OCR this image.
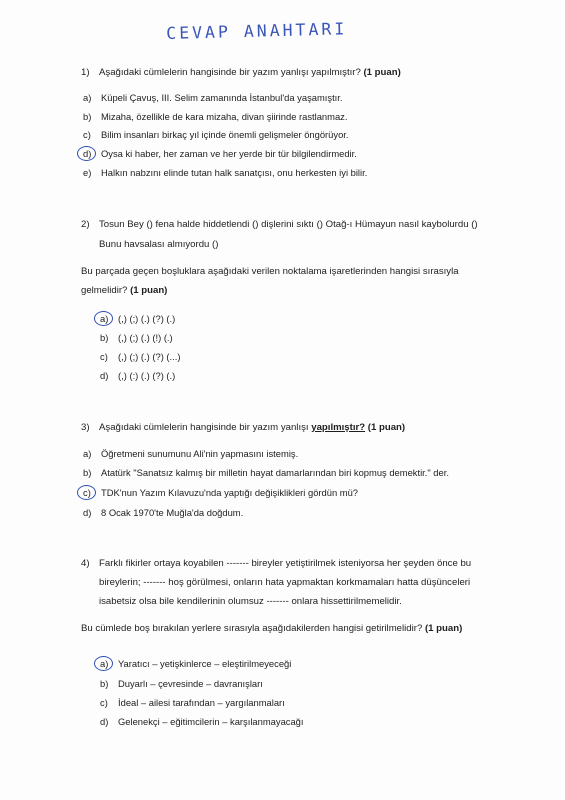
CEVAP ANAHTARI
1) Aşağıdaki cümlelerin hangisinde bir yazım yanlışı yapılmıştır? (1 puan)
a) Küpeli Çavuş, III. Selim zamanında İstanbul'da yaşamıştır.
b) Mizaha, özellikle de kara mizaha, divan şiirinde rastlanmaz.
c) Bilim insanları birkaç yıl içinde önemli gelişmeler öngörüyor.
d) Oysa ki haber, her zaman ve her yerde bir tür bilgilendirmedir.
e) Halkın nabzını elinde tutan halk sanatçısı, onu herkesten iyi bilir.
2) Tosun Bey () fena halde hiddetlendi () dişlerini sıktı () Otağ-ı Hümayun nasıl kaybolurdu ()
Bunu havsalası almıyordu ()
Bu parçada geçen boşluklara aşağıdaki verilen noktalama işaretlerinden hangisi sırasıyla
gelmelidir? (1 puan)
a) (,) (;) (.) (?) (.)
b) (,) (;) (.) (!) (.)
c) (,) (;) (.) (?) (...)
d) (,) (:) (.) (?) (.)
3) Aşağıdaki cümlelerin hangisinde bir yazım yanlışı yapılmıştır? (1 puan)
a) Öğretmeni sunumunu Ali'nin yapmasını istemiş.
b) Atatürk "Sanatsız kalmış bir milletin hayat damarlarından biri kopmuş demektir." der.
c) TDK'nun Yazım Kılavuzu'nda yaptığı değişiklikleri gördün mü?
d) 8 Ocak 1970'te Muğla'da doğdum.
4) Farklı fikirler ortaya koyabilen ------- bireyler yetiştirilmek isteniyorsa her şeyden önce bu
bireylerin; ------- hoş görülmesi, onların hata yapmaktan korkmamaları hatta düşünceleri
isabetsiz olsa bile kendilerinin olumsuz ------- onlara hissettirilmemelidir.
Bu cümlede boş bırakılan yerlere sırasıyla aşağıdakilerden hangisi getirilmelidir? (1 puan)
a) Yaratıcı – yetişkinlerce – eleştirilmeyeceği
b) Duyarlı – çevresinde – davranışları
c) İdeal – ailesi tarafından – yargılanmaları
d) Gelenekçi – eğitimcilerin – karşılanmayacağı
